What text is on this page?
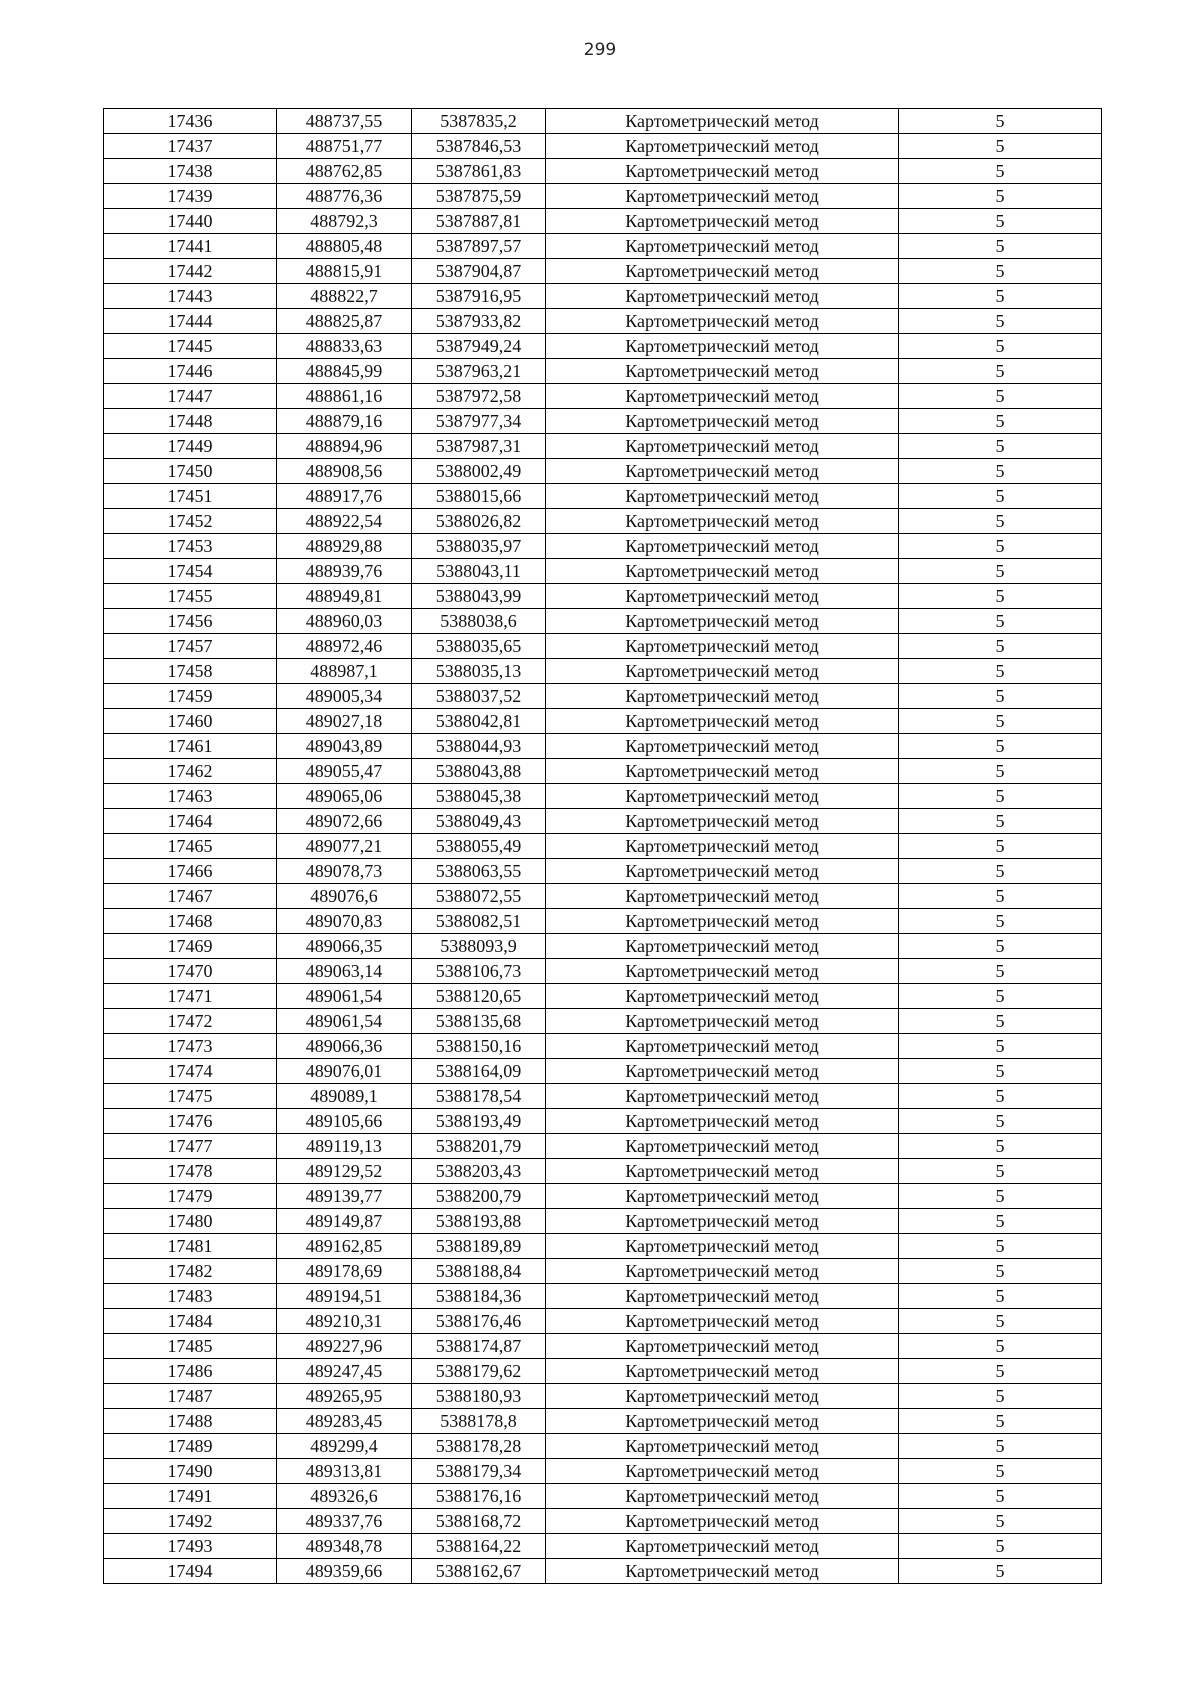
299
17436	488737,55	5387835,2	Картометрический метод	5
17437	488751,77	5387846,53	Картометрический метод	5
17438	488762,85	5387861,83	Картометрический метод	5
17439	488776,36	5387875,59	Картометрический метод	5
17440	488792,3	5387887,81	Картометрический метод	5
17441	488805,48	5387897,57	Картометрический метод	5
17442	488815,91	5387904,87	Картометрический метод	5
17443	488822,7	5387916,95	Картометрический метод	5
17444	488825,87	5387933,82	Картометрический метод	5
17445	488833,63	5387949,24	Картометрический метод	5
17446	488845,99	5387963,21	Картометрический метод	5
17447	488861,16	5387972,58	Картометрический метод	5
17448	488879,16	5387977,34	Картометрический метод	5
17449	488894,96	5387987,31	Картометрический метод	5
17450	488908,56	5388002,49	Картометрический метод	5
17451	488917,76	5388015,66	Картометрический метод	5
17452	488922,54	5388026,82	Картометрический метод	5
17453	488929,88	5388035,97	Картометрический метод	5
17454	488939,76	5388043,11	Картометрический метод	5
17455	488949,81	5388043,99	Картометрический метод	5
17456	488960,03	5388038,6	Картометрический метод	5
17457	488972,46	5388035,65	Картометрический метод	5
17458	488987,1	5388035,13	Картометрический метод	5
17459	489005,34	5388037,52	Картометрический метод	5
17460	489027,18	5388042,81	Картометрический метод	5
17461	489043,89	5388044,93	Картометрический метод	5
17462	489055,47	5388043,88	Картометрический метод	5
17463	489065,06	5388045,38	Картометрический метод	5
17464	489072,66	5388049,43	Картометрический метод	5
17465	489077,21	5388055,49	Картометрический метод	5
17466	489078,73	5388063,55	Картометрический метод	5
17467	489076,6	5388072,55	Картометрический метод	5
17468	489070,83	5388082,51	Картометрический метод	5
17469	489066,35	5388093,9	Картометрический метод	5
17470	489063,14	5388106,73	Картометрический метод	5
17471	489061,54	5388120,65	Картометрический метод	5
17472	489061,54	5388135,68	Картометрический метод	5
17473	489066,36	5388150,16	Картометрический метод	5
17474	489076,01	5388164,09	Картометрический метод	5
17475	489089,1	5388178,54	Картометрический метод	5
17476	489105,66	5388193,49	Картометрический метод	5
17477	489119,13	5388201,79	Картометрический метод	5
17478	489129,52	5388203,43	Картометрический метод	5
17479	489139,77	5388200,79	Картометрический метод	5
17480	489149,87	5388193,88	Картометрический метод	5
17481	489162,85	5388189,89	Картометрический метод	5
17482	489178,69	5388188,84	Картометрический метод	5
17483	489194,51	5388184,36	Картометрический метод	5
17484	489210,31	5388176,46	Картометрический метод	5
17485	489227,96	5388174,87	Картометрический метод	5
17486	489247,45	5388179,62	Картометрический метод	5
17487	489265,95	5388180,93	Картометрический метод	5
17488	489283,45	5388178,8	Картометрический метод	5
17489	489299,4	5388178,28	Картометрический метод	5
17490	489313,81	5388179,34	Картометрический метод	5
17491	489326,6	5388176,16	Картометрический метод	5
17492	489337,76	5388168,72	Картометрический метод	5
17493	489348,78	5388164,22	Картометрический метод	5
17494	489359,66	5388162,67	Картометрический метод	5
